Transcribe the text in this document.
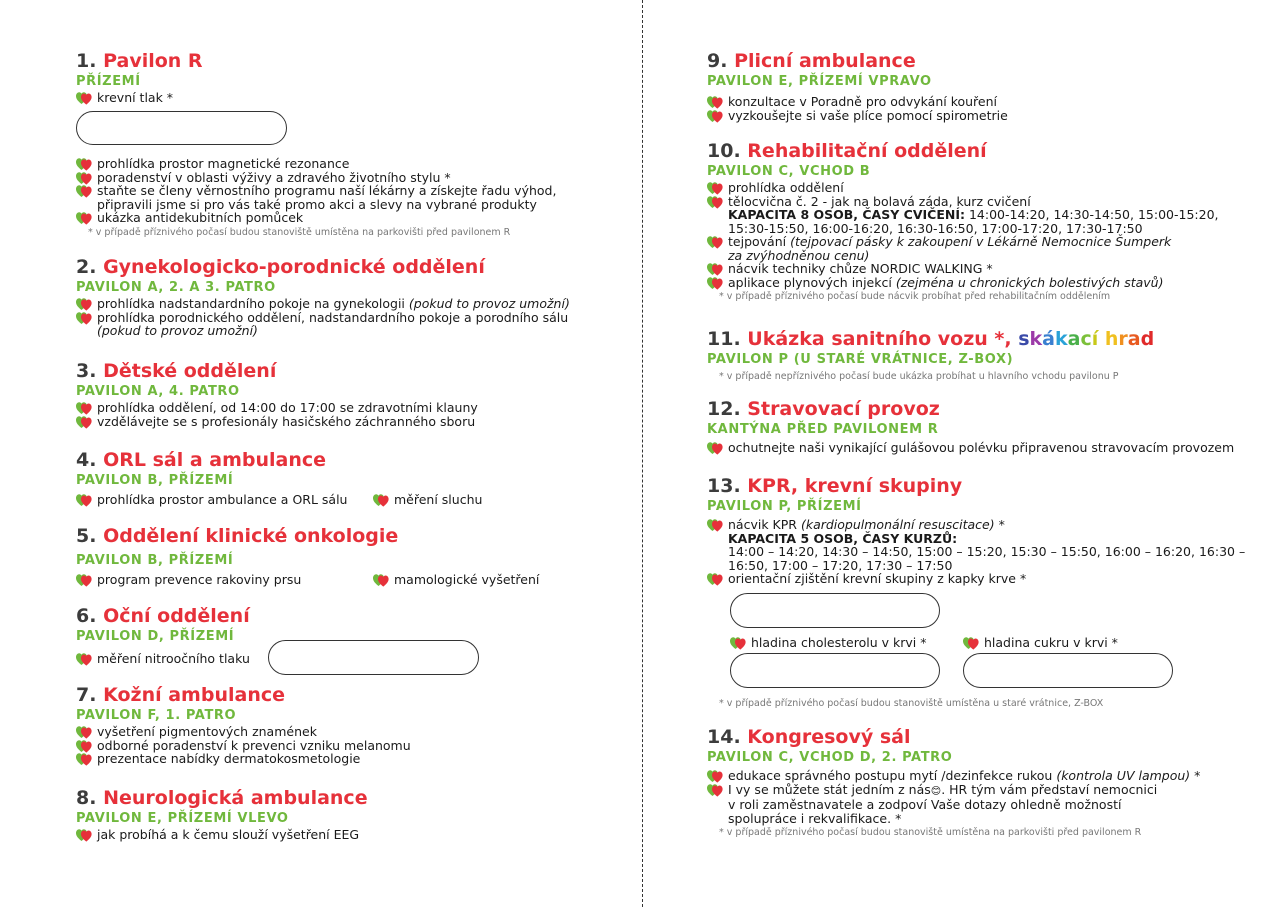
1. Pavilon R
PŘÍZEMÍ
krevní tlak *
prohlídka prostor magnetické rezonance
poradenství v oblasti výživy a zdravého životního stylu *
staňte se členy věrnostního programu naší lékárny a získejte řadu výhod,
připravili jsme si pro vás také promo akci a slevy na vybrané produkty
ukázka antidekubitních pomůcek
* v případě příznivého počasí budou stanoviště umístěna na parkovišti před pavilonem R
2. Gynekologicko-porodnické oddělení
PAVILON A, 2. A 3. PATRO
prohlídka nadstandardního pokoje na gynekologii (pokud to provoz umožní)
prohlídka porodnického oddělení, nadstandardního pokoje a porodního sálu
(pokud to provoz umožní)
3. Dětské oddělení
PAVILON A, 4. PATRO
prohlídka oddělení, od 14:00 do 17:00 se zdravotními klauny
vzdělávejte se s profesionály hasičského záchranného sboru
4. ORL sál a ambulance
PAVILON B, PŘÍZEMÍ
prohlídka prostor ambulance a ORL sálu	měření sluchu
5. Oddělení klinické onkologie
PAVILON B, PŘÍZEMÍ
program prevence rakoviny prsu	mamologické vyšetření
6. Oční oddělení
PAVILON D, PŘÍZEMÍ
měření nitroočního tlaku
7. Kožní ambulance
PAVILON F, 1. PATRO
vyšetření pigmentových znamének
odborné poradenství k prevenci vzniku melanomu
prezentace nabídky dermatokosmetologie
8. Neurologická ambulance
PAVILON E, PŘÍZEMÍ VLEVO
jak probíhá a k čemu slouží vyšetření EEG
9. Plicní ambulance
PAVILON E, PŘÍZEMÍ VPRAVO
konzultace v Poradně pro odvykání kouření
vyzkoušejte si vaše plíce pomocí spirometrie
10. Rehabilitační oddělení
PAVILON C, VCHOD B
prohlídka oddělení
tělocvična č. 2 - jak na bolavá záda, kurz cvičení
KAPACITA 8 OSOB, ČASY CVIČENÍ: 14:00-14:20, 14:30-14:50, 15:00-15:20,
15:30-15:50, 16:00-16:20, 16:30-16:50, 17:00-17:20, 17:30-17:50
tejpování (tejpovací pásky k zakoupení v Lékárně Nemocnice Šumperk
za zvýhodněnou cenu)
nácvik techniky chůze NORDIC WALKING *
aplikace plynových injekcí (zejména u chronických bolestivých stavů)
* v případě příznivého počasí bude nácvik probíhat před rehabilitačním oddělením
11. Ukázka sanitního vozu *, skákací hrad
PAVILON P (U STARÉ VRÁTNICE, Z-BOX)
* v případě nepříznivého počasí bude ukázka probíhat u hlavního vchodu pavilonu P
12. Stravovací provoz
KANTÝNA PŘED PAVILONEM R
ochutnejte naši vynikající gulášovou polévku připravenou stravovacím provozem
13. KPR, krevní skupiny
PAVILON P, PŘÍZEMÍ
nácvik KPR (kardiopulmonální resuscitace) *
KAPACITA 5 OSOB, ČASY KURZŮ:
14:00 – 14:20, 14:30 – 14:50, 15:00 – 15:20, 15:30 – 15:50, 16:00 – 16:20, 16:30 –
16:50, 17:00 – 17:20, 17:30 – 17:50
orientační zjištění krevní skupiny z kapky krve *
hladina cholesterolu v krvi *	hladina cukru v krvi *
* v případě příznivého počasí budou stanoviště umístěna u staré vrátnice, Z-BOX
14. Kongresový sál
PAVILON C, VCHOD D, 2. PATRO
edukace správného postupu mytí /dezinfekce rukou (kontrola UV lampou) *
I vy se můžete stát jedním z nás😊. HR tým vám představí nemocnici
v roli zaměstnavatele a zodpoví Vaše dotazy ohledně možností
spolupráce i rekvalifikace. *
* v případě příznivého počasí budou stanoviště umístěna na parkovišti před pavilonem R
